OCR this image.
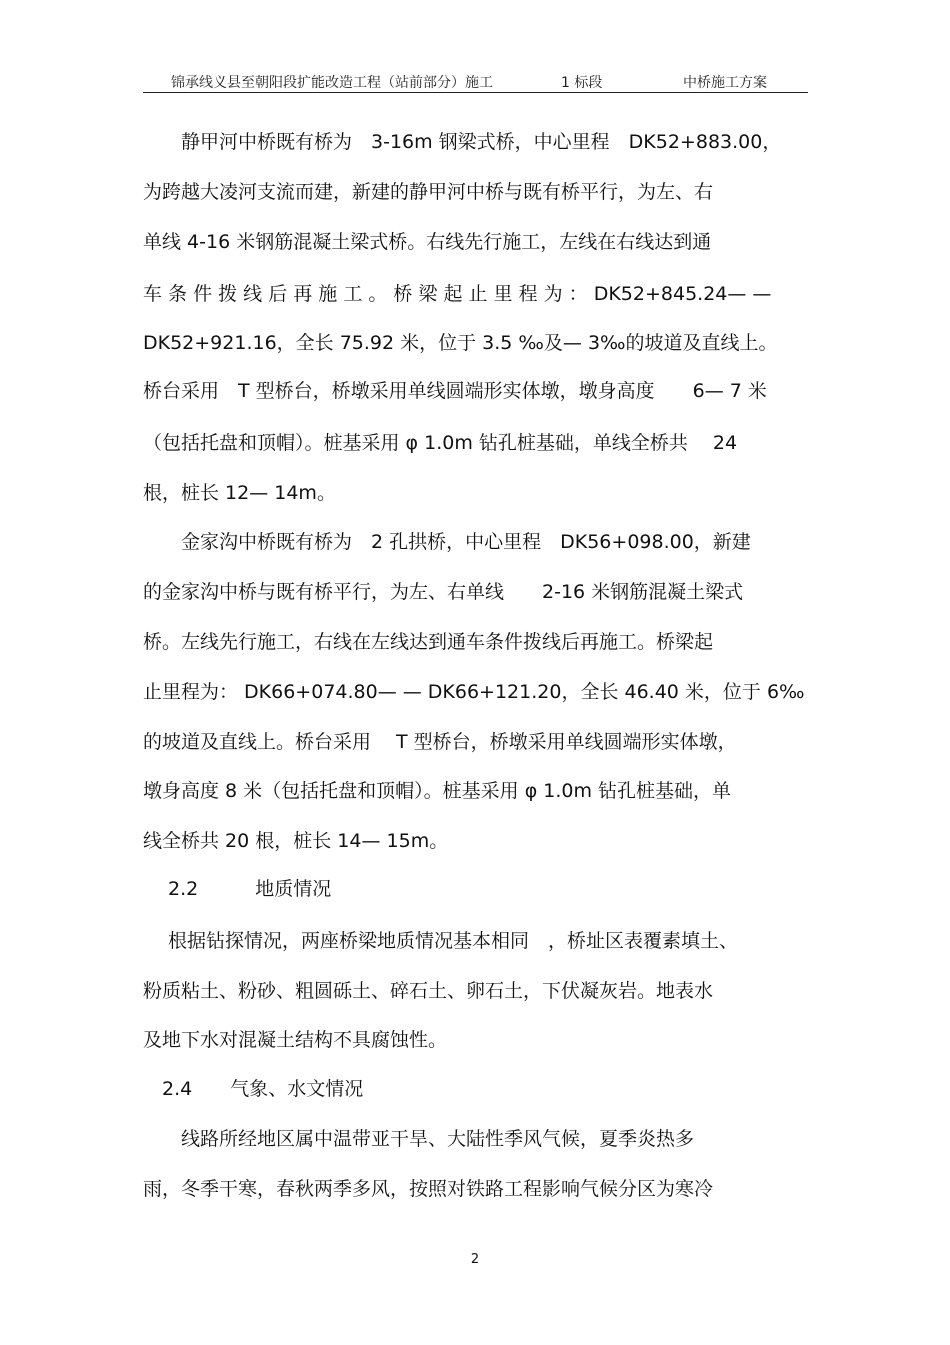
锦承线义县至朝阳段扩能改造工程（站前部分）施工	1 标段	中桥施工方案
　　静甲河中桥既有桥为　3-16m 钢梁式桥，中心里程　DK52+883.00，
为跨越大凌河支流而建，新建的静甲河中桥与既有桥平行，为左、右
单线 4-16 米钢筋混凝土梁式桥。右线先行施工，左线在右线达到通
车 条 件 拨 线 后 再 施 工 。 桥 梁 起 止 里 程 为 ： DK52+845.24— —
DK52+921.16，全长 75.92 米，位于 3.5 ‰及— 3‰的坡道及直线上。
桥台采用　T 型桥台，桥墩采用单线圆端形实体墩，墩身高度　　6— 7 米
（包括托盘和顶帽）。桩基采用 φ 1.0m 钻孔桩基础，单线全桥共　 24
根，桩长 12— 14m。
　　金家沟中桥既有桥为　2 孔拱桥，中心里程　DK56+098.00，新建
的金家沟中桥与既有桥平行，为左、右单线　　2-16 米钢筋混凝土梁式
桥。左线先行施工，右线在左线达到通车条件拨线后再施工。桥梁起
止里程为： DK66+074.80— — DK66+121.20，全长 46.40 米，位于 6‰
的坡道及直线上。桥台采用　 T 型桥台，桥墩采用单线圆端形实体墩，
墩身高度 8 米（包括托盘和顶帽）。桩基采用 φ 1.0m 钻孔桩基础，单
线全桥共 20 根，桩长 14— 15m。
　 2.2　　　地质情况
　 根据钻探情况，两座桥梁地质情况基本相同　，桥址区表覆素填土、
粉质粘土、粉砂、粗圆砾土、碎石土、卵石土，下伏凝灰岩。地表水
及地下水对混凝土结构不具腐蚀性。
　2.4　　气象、水文情况
　　线路所经地区属中温带亚干旱、大陆性季风气候，夏季炎热多
雨，冬季干寒，春秋两季多风，按照对铁路工程影响气候分区为寒冷
2
